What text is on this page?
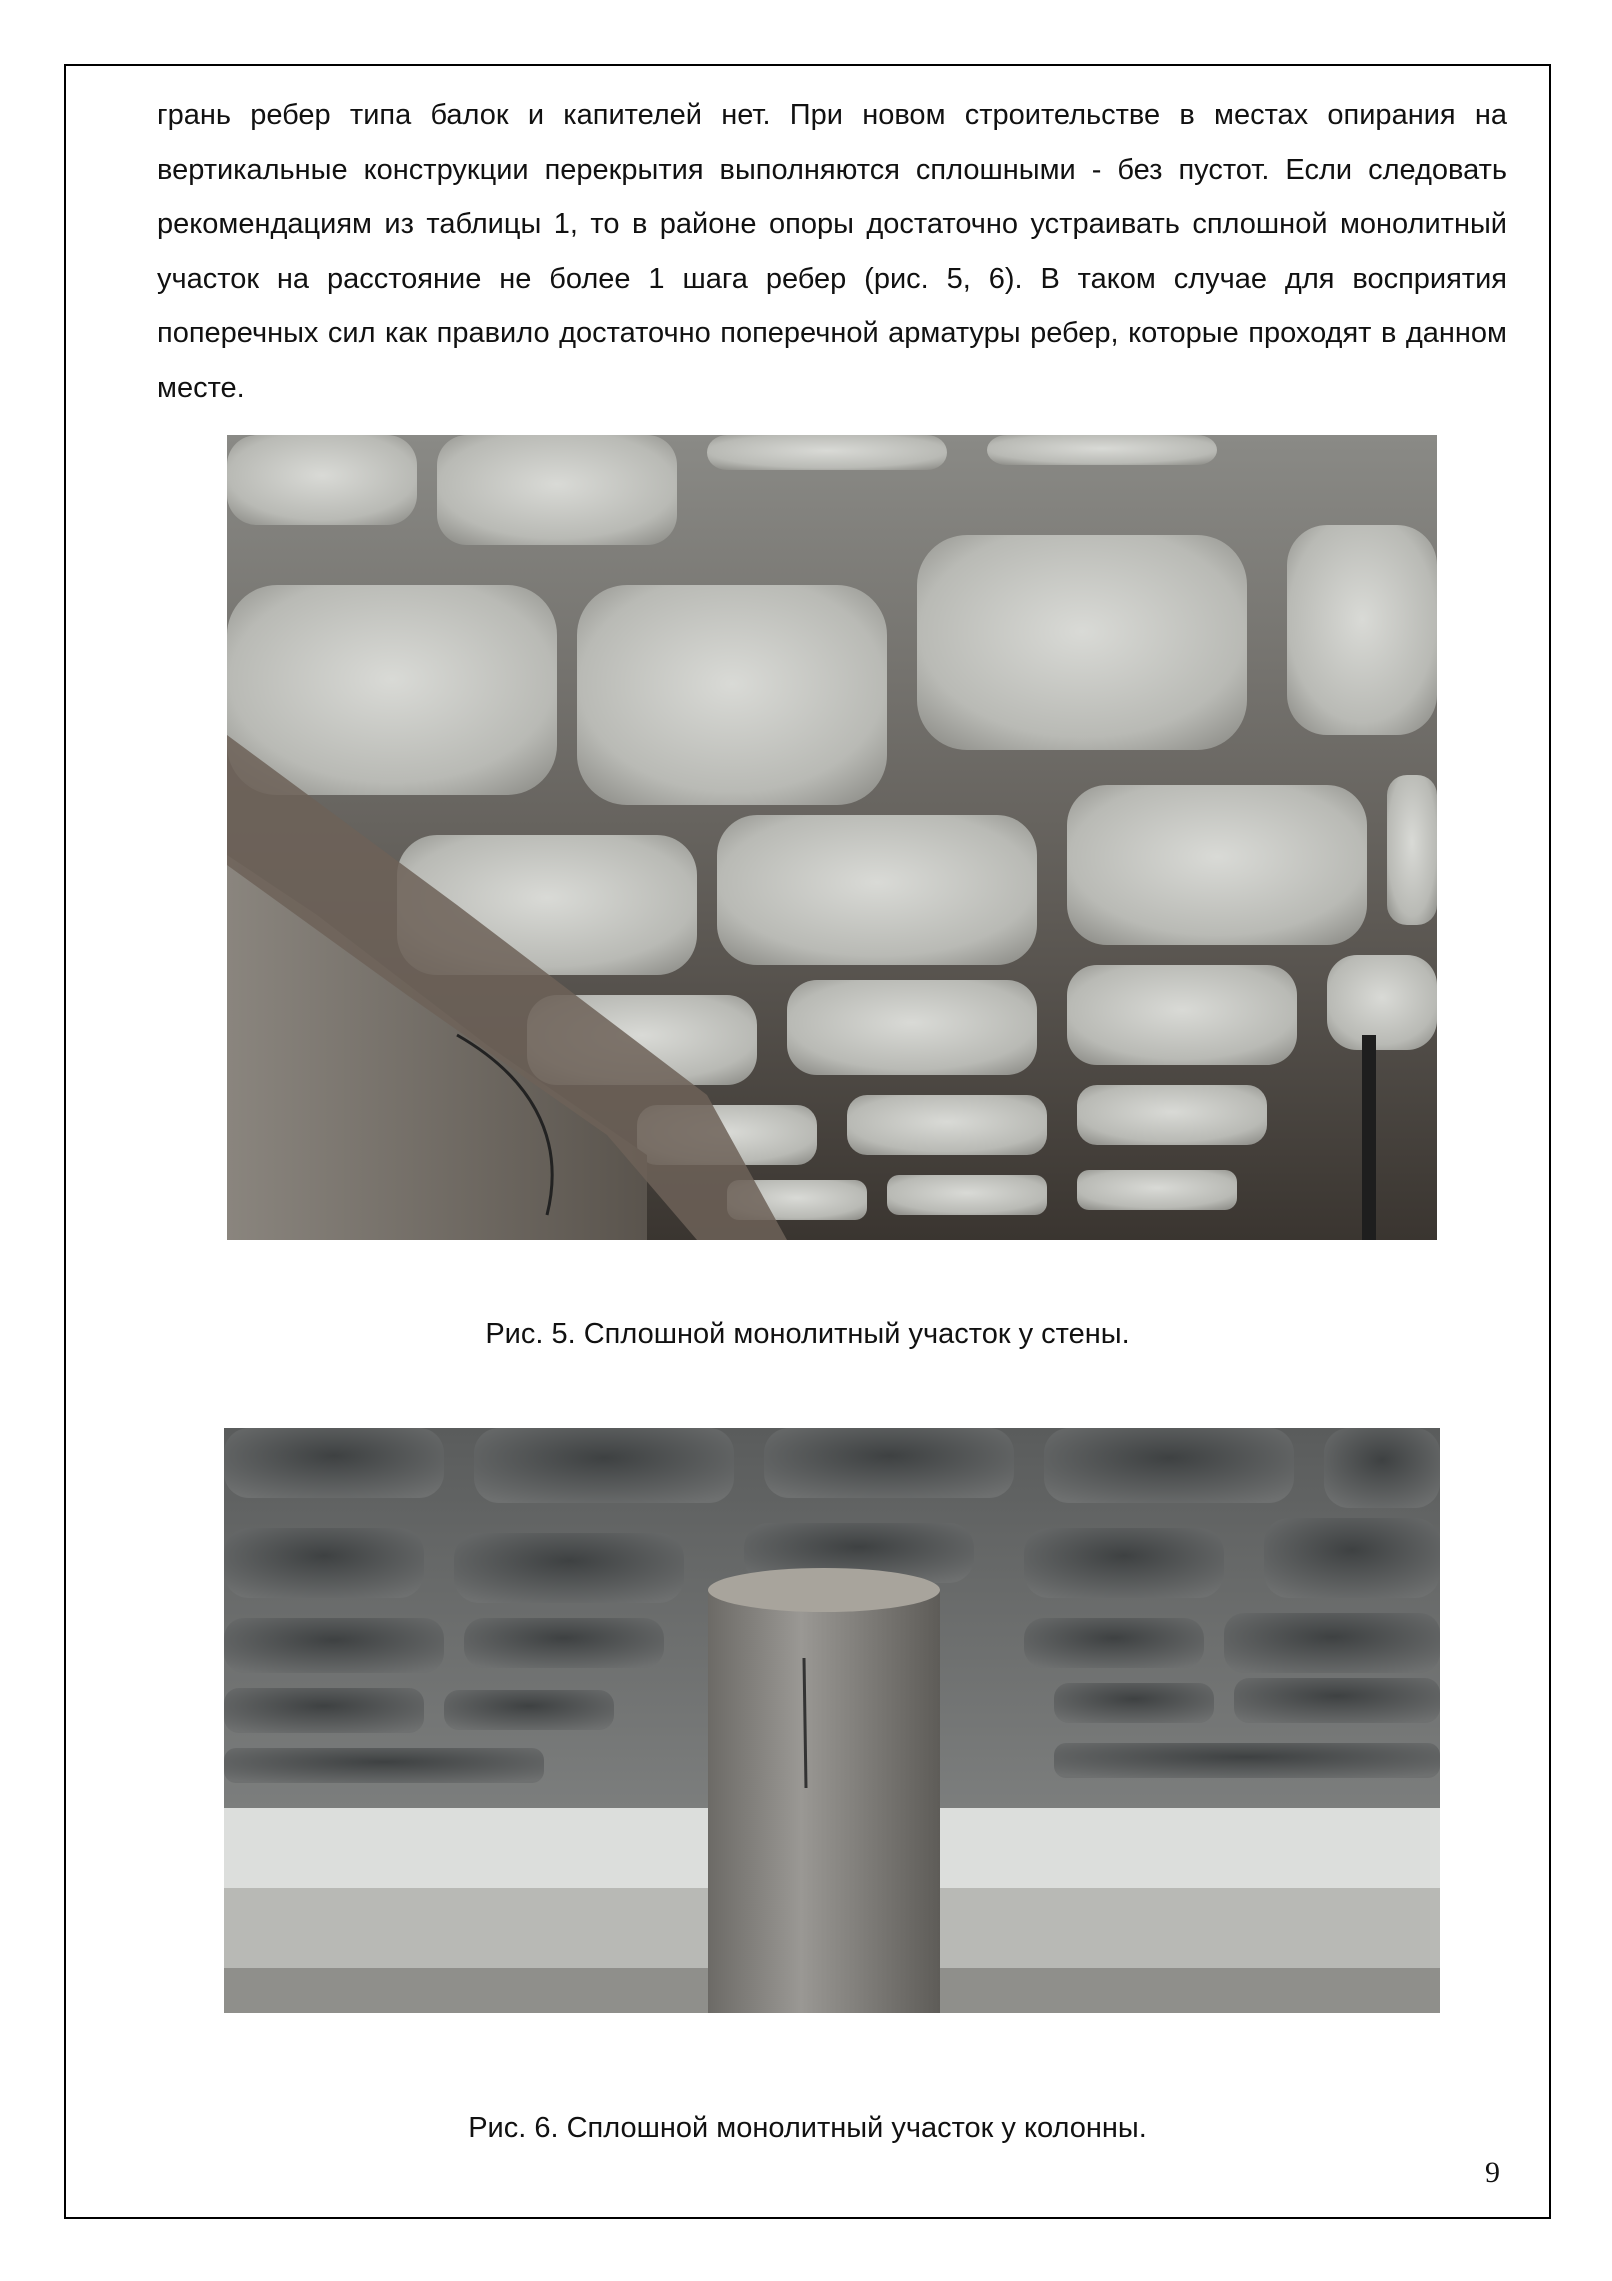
грань ребер типа балок и капителей нет. При новом строительстве в местах опирания на вертикальные конструкции перекрытия выполняются сплошными - без пустот. Если следовать рекомендациям из таблицы 1, то в районе опоры достаточно устраивать сплошной монолитный участок на расстояние не более 1 шага ребер (рис. 5, 6). В таком случае для восприятия поперечных сил как правило достаточно поперечной арматуры ребер, которые проходят в данном месте.

Рис. 5. Сплошной монолитный участок у стены.

Рис. 6. Сплошной монолитный участок у колонны.

9
